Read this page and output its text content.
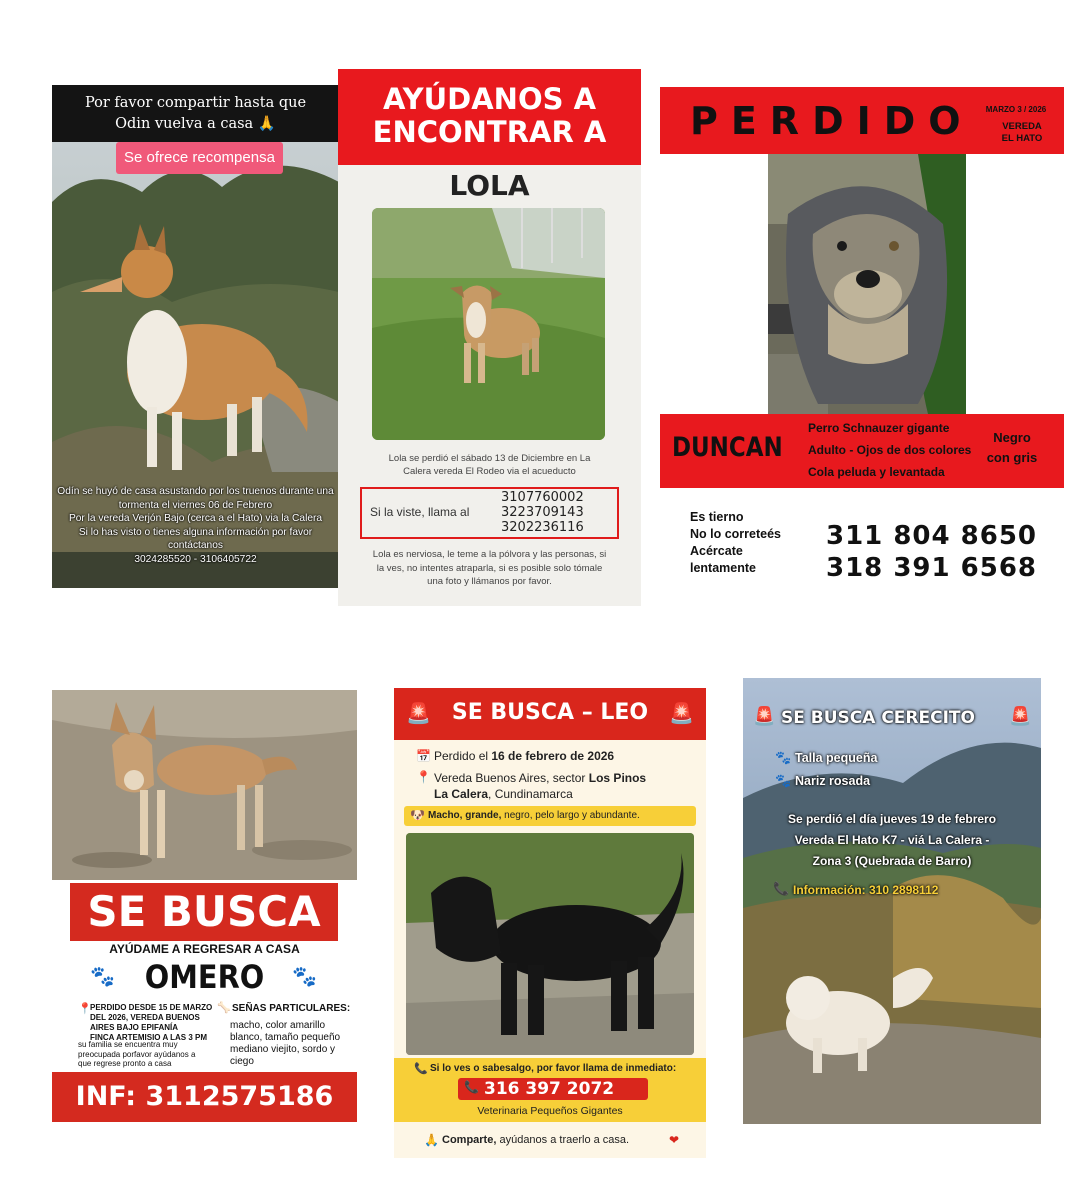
Por favor compartir hasta que
Odin vuelva a casa 🙏
Se ofrece recompensa
Odín se huyó de casa asustando por los truenos durante una
tormenta el viernes 06 de Febrero
Por la vereda Verjón Bajo (cerca a el Hato) via la Calera
Si lo has visto o tienes alguna información por favor contáctanos
3024285520 - 3106405722
AYÚDANOS A
ENCONTRAR A
LOLA
Lola se perdió el sábado 13 de Diciembre en La
Calera vereda El Rodeo via el acueducto
Si la viste, llama al
3107760002
3223709143
3202236116
Lola es nerviosa, le teme a la pólvora y las personas, si
la ves, no intentes atraparla, si es posible solo tómale
una foto y llámanos por favor.
PERDIDO	MARZO 3 / 2026
VEREDA
EL HATO
DUNCAN
Perro Schnauzer gigante
Adulto - Ojos de dos colores
Cola peluda y levantada
Negro
con gris
Es tierno
No lo correteés
Acércate
lentamente
311 804 8650
318 391 6568
SE BUSCA
AYÚDAME A REGRESAR A CASA
🐾 OMERO	🐾
📍
PERDIDO DESDE 15 DE MARZO
DEL 2026, VEREDA BUENOS
AIRES BAJO EPIFANÍA
FINCA ARTEMISIO A LAS 3 PM
🦴 SEÑAS PARTICULARES:
macho, color amarillo
blanco, tamaño pequeño
mediano viejito, sordo y
ciego
su familia se encuentra muy
preocupada porfavor ayúdanos a
que regrese pronto a casa
INF: 3112575186
🚨 SE BUSCA – LEO	🚨
📅 Perdido el 16 de febrero de 2026
📍 Vereda Buenos Aires, sector Los Pinos
La Calera, Cundinamarca
🐶 Macho, grande, negro, pelo largo y abundante.
📞 Si lo ves o sabesalgo, por favor llama de inmediato:
📞 316 397 2072
Veterinaria Pequeños Gigantes
🙏 Comparte, ayúdanos a traerlo a casa.	❤
🚨 SE BUSCA CERECITO 🚨
🐾 Talla pequeña
🐾 Nariz rosada
Se perdió el día jueves 19 de febrero
Vereda El Hato K7 - viá La Calera -
Zona 3 (Quebrada de Barro)
📞 Información: 310 2898112
